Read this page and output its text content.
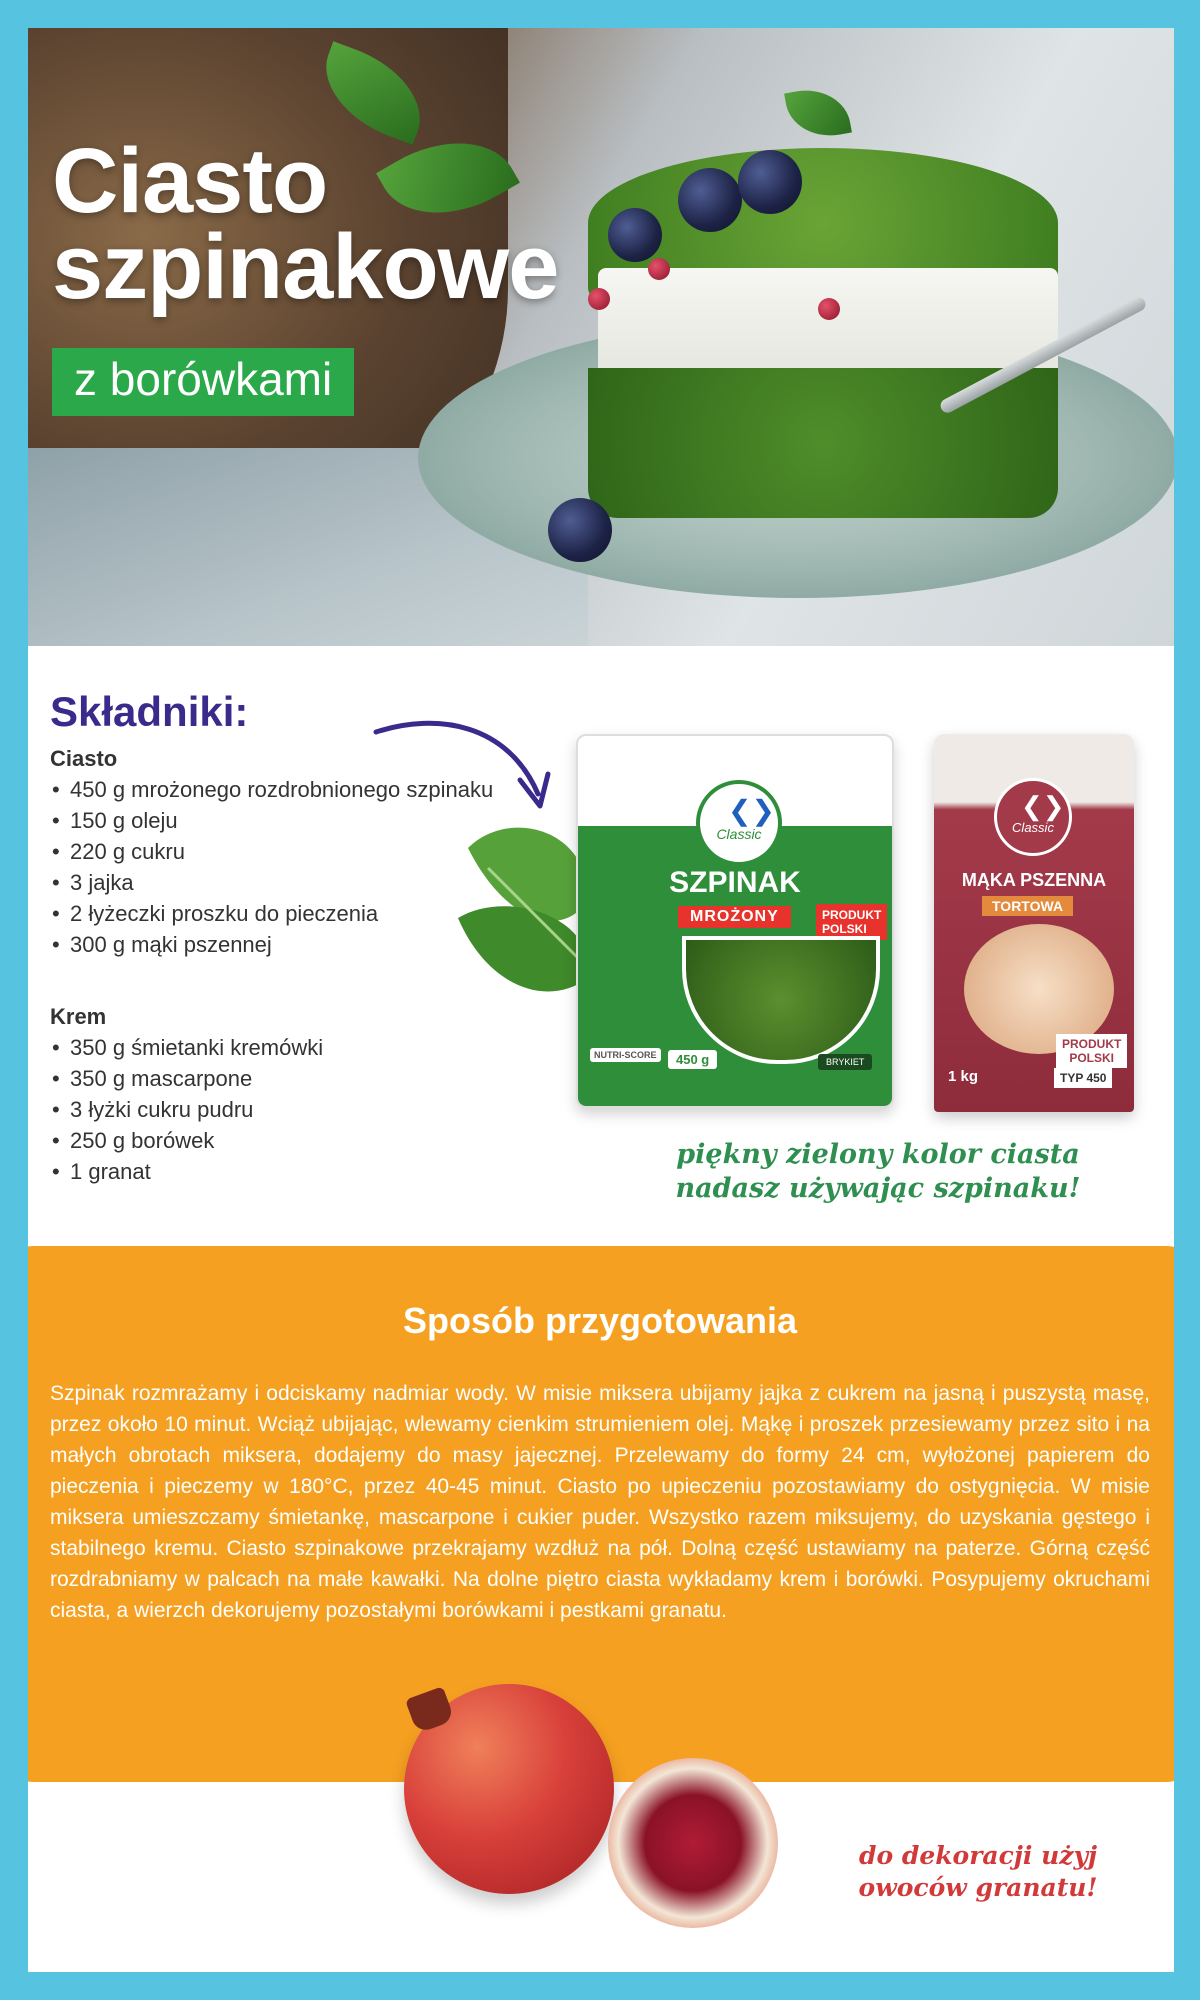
Ciasto
szpinakowe
z borówkami
Składniki:
Ciasto
• 450 g mrożonego rozdrobnionego szpinaku
• 150 g oleju
• 220 g cukru
• 3 jajka
• 2 łyżeczki proszku do pieczenia
• 300 g mąki pszennej
Krem
• 350 g śmietanki kremówki
• 350 g mascarpone
• 3 łyżki cukru pudru
• 250 g borówek
• 1 granat
❮❯
Classic
SZPINAK
MROŻONY	PRODUKT
POLSKI
NUTRI-SCORE	450 g	BRYKIET
❮❯
Classic
MĄKA PSZENNA
TORTOWA
PRODUKT
POLSKI
1 kg	TYP 450

piękny zielony kolor ciasta
nadasz używając szpinaku!

Sposób przygotowania

Szpinak rozmrażamy i odciskamy nadmiar wody. W misie miksera ubijamy jajka z cukrem na jasną i puszystą masę, przez około 10 minut. Wciąż ubijając, wlewamy cienkim strumieniem olej. Mąkę i proszek przesiewamy przez sito i na małych obrotach miksera, dodajemy do masy jajecznej. Przelewamy do formy 24 cm, wyłożonej papierem do pieczenia i pieczemy w 180°C, przez 40-45 minut. Ciasto po upieczeniu pozostawiamy do ostygnięcia. W misie miksera umieszczamy śmietankę, mascarpone i cukier puder. Wszystko razem miksujemy, do uzyskania gęstego i stabilnego kremu. Ciasto szpinakowe przekrajamy wzdłuż na pół. Dolną część ustawiamy na paterze. Górną część rozdrabniamy w palcach na małe kawałki. Na dolne piętro ciasta wykładamy krem i borówki. Posypujemy okruchami ciasta, a wierzch dekorujemy pozostałymi borówkami i pestkami granatu.

do dekoracji użyj
owoców granatu!
